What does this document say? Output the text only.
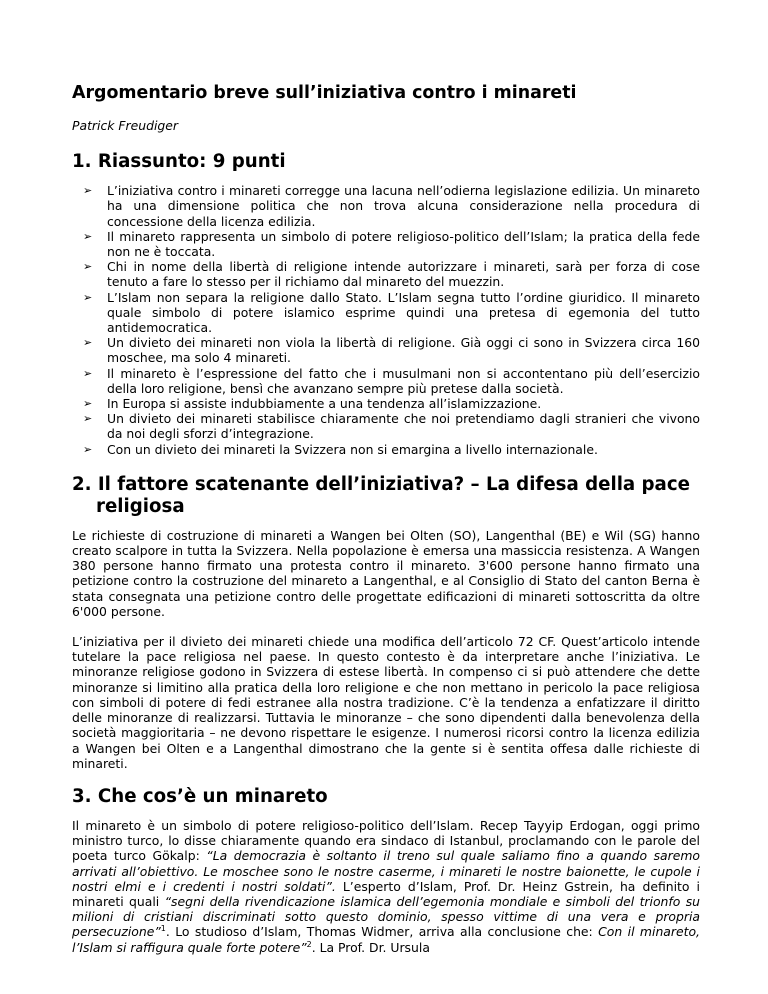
Argomentario breve sull’iniziativa contro i minareti
Patrick Freudiger
1. Riassunto: 9 punti
➢ L’iniziativa contro i minareti corregge una lacuna nell’odierna legislazione edilizia. Un minareto ha una dimensione politica che non trova alcuna considerazione nella procedura di concessione della licenza edilizia.
➢ Il minareto rappresenta un simbolo di potere religioso-politico dell’Islam; la pratica della fede non ne è toccata.
➢ Chi in nome della libertà di religione intende autorizzare i minareti, sarà per forza di cose tenuto a fare lo stesso per il richiamo dal minareto del muezzin.
➢ L’Islam non separa la religione dallo Stato. L’Islam segna tutto l’ordine giuridico. Il minareto quale simbolo di potere islamico esprime quindi una pretesa di egemonia del tutto antidemocratica.
➢ Un divieto dei minareti non viola la libertà di religione. Già oggi ci sono in Svizzera circa 160 moschee, ma solo 4 minareti.
➢ Il minareto è l’espressione del fatto che i musulmani non si accontentano più dell’esercizio della loro religione, bensì che avanzano sempre più pretese dalla società.
➢ In Europa si assiste indubbiamente a una tendenza all’islamizzazione.
➢ Un divieto dei minareti stabilisce chiaramente che noi pretendiamo dagli stranieri che vivono da noi degli sforzi d’integrazione.
➢ Con un divieto dei minareti la Svizzera non si emargina a livello internazionale.
2. Il fattore scatenante dell’iniziativa? – La difesa della pace religiosa

Le richieste di costruzione di minareti a Wangen bei Olten (SO), Langenthal (BE) e Wil (SG) hanno creato scalpore in tutta la Svizzera. Nella popolazione è emersa una massiccia resistenza. A Wangen 380 persone hanno firmato una protesta contro il minareto. 3'600 persone hanno firmato una petizione contro la costruzione del minareto a Langenthal, e al Consiglio di Stato del canton Berna è stata consegnata una petizione contro delle progettate edificazioni di minareti sottoscritta da oltre 6'000 persone.

L’iniziativa per il divieto dei minareti chiede una modifica dell’articolo 72 CF. Quest’articolo intende tutelare la pace religiosa nel paese. In questo contesto è da interpretare anche l’iniziativa. Le minoranze religiose godono in Svizzera di estese libertà. In compenso ci si può attendere che dette minoranze si limitino alla pratica della loro religione e che non mettano in pericolo la pace religiosa con simboli di potere di fedi estranee alla nostra tradizione. C’è la tendenza a enfatizzare il diritto delle minoranze di realizzarsi. Tuttavia le minoranze – che sono dipendenti dalla benevolenza della società maggioritaria – ne devono rispettare le esigenze. I numerosi ricorsi contro la licenza edilizia a Wangen bei Olten e a Langenthal dimostrano che la gente si è sentita offesa dalle richieste di minareti.

3. Che cos’è un minareto

Il minareto è un simbolo di potere religioso-politico dell’Islam. Recep Tayyip Erdogan, oggi primo ministro turco, lo disse chiaramente quando era sindaco di Istanbul, proclamando con le parole del poeta turco Gökalp: “La democrazia è soltanto il treno sul quale saliamo fino a quando saremo arrivati all’obiettivo. Le moschee sono le nostre caserme, i minareti le nostre baionette, le cupole i nostri elmi e i credenti i nostri soldati”. L’esperto d’Islam, Prof. Dr. Heinz Gstrein, ha definito i minareti quali “segni della rivendicazione islamica dell’egemonia mondiale e simboli del trionfo su milioni di cristiani discriminati sotto questo dominio, spesso vittime di una vera e propria persecuzione”$^1$. Lo studioso d’Islam, Thomas Widmer, arriva alla conclusione che: Con il minareto, l’Islam si raffigura quale forte potere”$^2$. La Prof. Dr. Ursula
